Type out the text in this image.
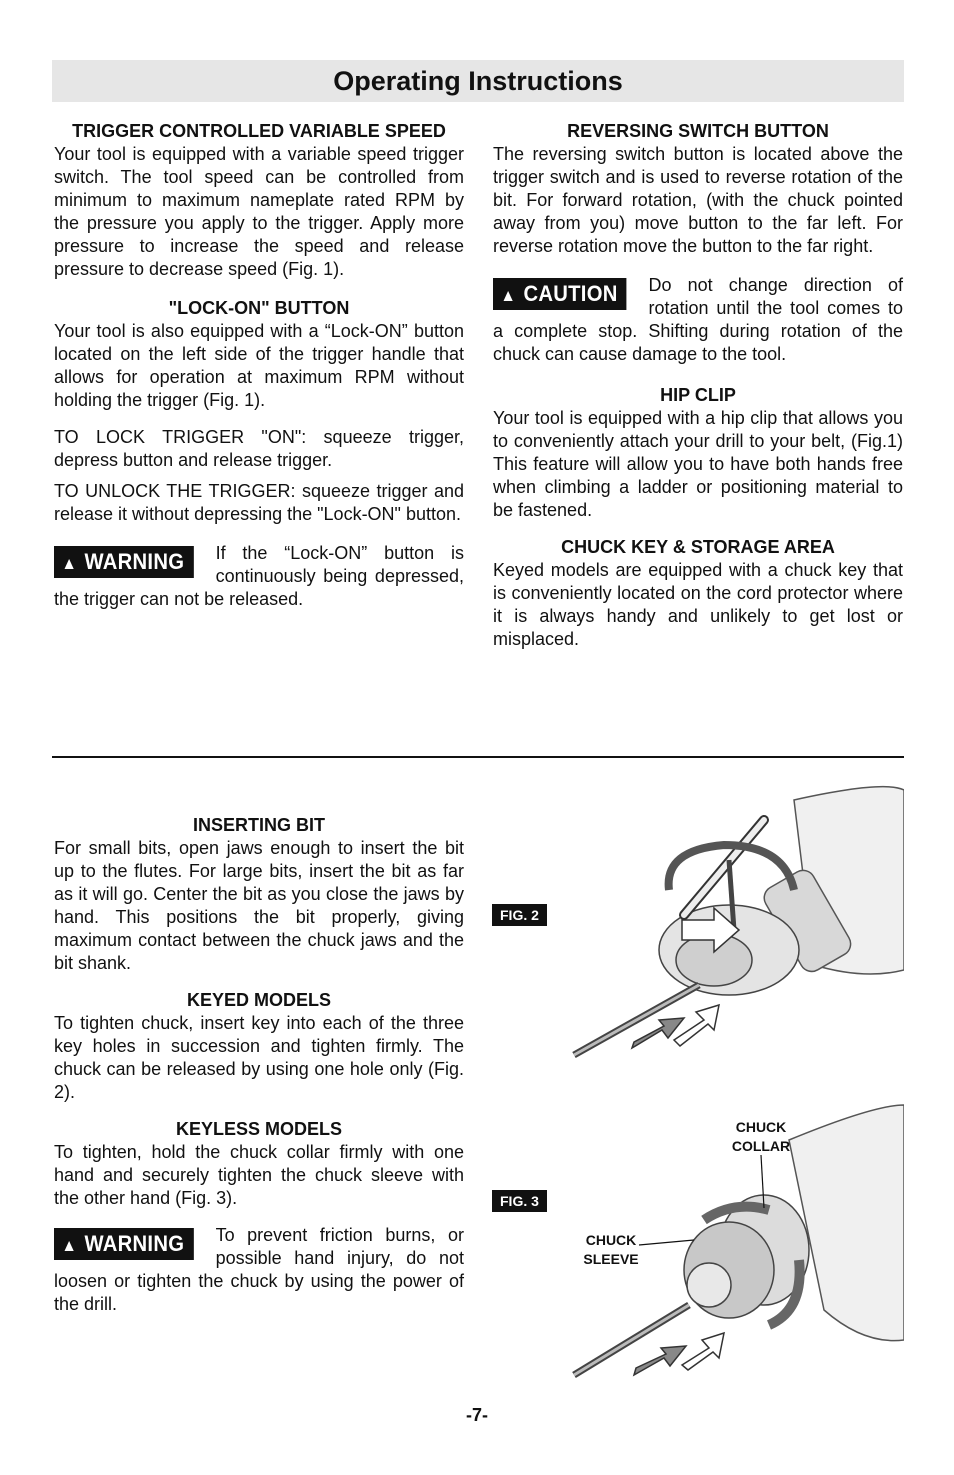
Operating Instructions
TRIGGER CONTROLLED VARIABLE SPEED

Your tool is equipped with a variable speed trigger switch. The tool speed can be controlled from minimum to maximum nameplate rated RPM by the pressure you apply to the trigger. Apply more pressure to increase the speed and release pressure to decrease speed (Fig. 1).

"LOCK-ON" BUTTON

Your tool is also equipped with a “Lock-ON” button located on the left side of the trigger handle that allows for operation at maximum RPM without holding the trigger (Fig. 1).

TO LOCK TRIGGER "ON": squeeze trigger, depress button and release trigger.

TO UNLOCK THE TRIGGER: squeeze trigger and release it without depressing the "Lock-ON" button.

▲ WARNING	If the “Lock-ON” button is continuously being depressed, the trigger can not be released.

REVERSING SWITCH BUTTON

The reversing switch button is located above the trigger switch and is used to reverse rotation of the bit. For forward rotation, (with the chuck pointed away from you) move button to the far left. For reverse rotation move the button to the far right.

▲ CAUTION	Do not change direction of rotation until the tool comes to a complete stop. Shifting during rotation of the chuck can cause damage to the tool.

HIP CLIP

Your tool is equipped with a hip clip that allows you to conveniently attach your drill to your belt, (Fig.1) This feature will allow you to have both hands free when climbing a ladder or positioning material to be fastened.

CHUCK KEY & STORAGE AREA

Keyed models are equipped with a chuck key that is conveniently located on the cord protector where it is always handy and unlikely to get lost or misplaced.

INSERTING BIT

For small bits, open jaws enough to insert the bit up to the flutes. For large bits, insert the bit as far as it will go. Center the bit as you close the jaws by hand. This positions the bit properly, giving maximum contact between the chuck jaws and the bit shank.

KEYED MODELS

To tighten chuck, insert key into each of the three key holes in succession and tighten firmly. The chuck can be released by using one hole only (Fig. 2).

KEYLESS MODELS

To tighten, hold the chuck collar firmly with one hand and securely tighten the chuck sleeve with the other hand (Fig. 3).

▲ WARNING	To prevent friction burns, or possible hand injury, do not loosen or tighten the chuck by using the power of the drill.

FIG. 2
FIG. 3
CHUCK
COLLAR
CHUCK
SLEEVE
-7-
